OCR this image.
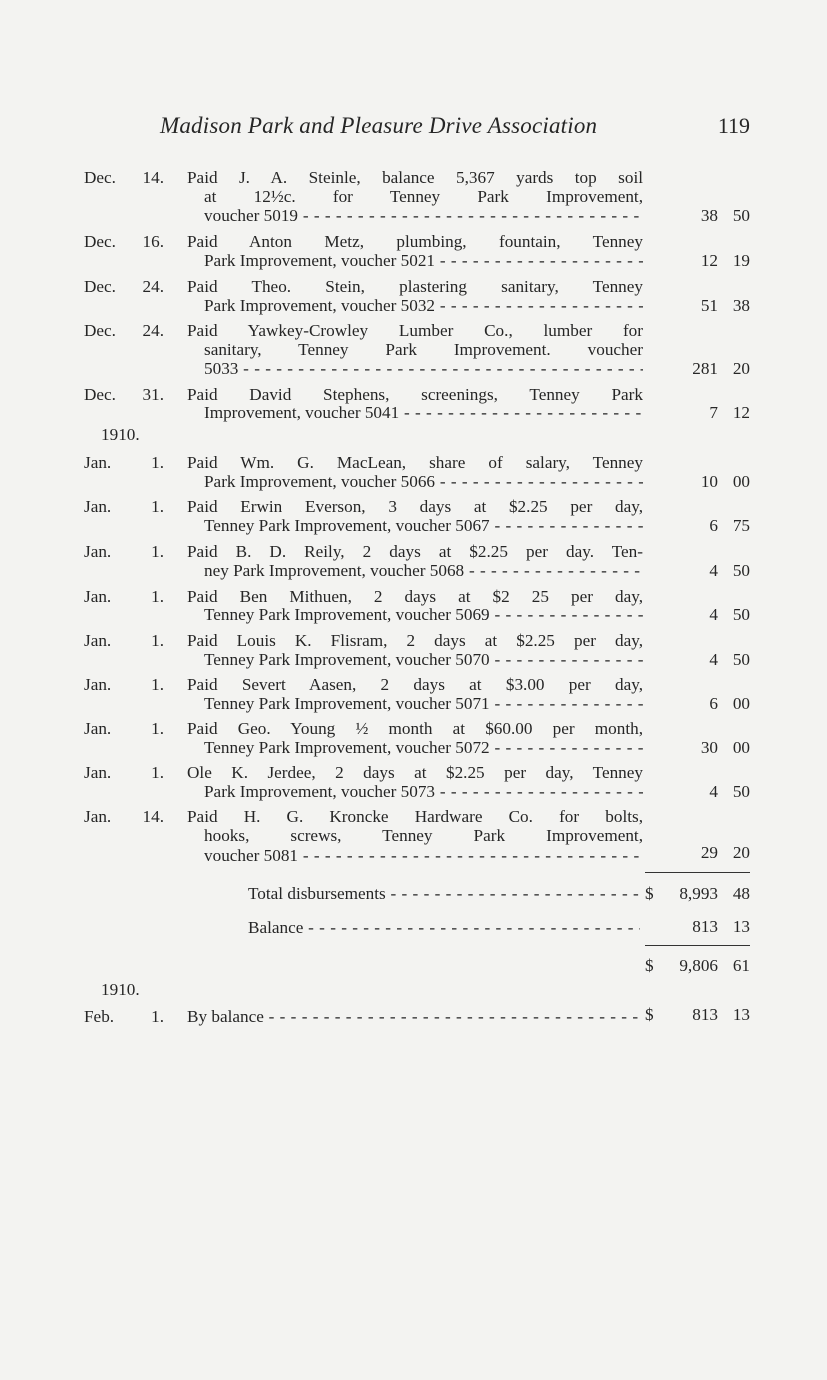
Madison Park and Pleasure Drive Association	119
Dec.	14. Paid J. A. Steinle, balance 5,367 yards top soil
at 12½c. for Tenney Park Improvement,
voucher 5019 - - -	38 50
Dec.	16. Paid Anton Metz, plumbing, fountain, Tenney
Park Improvement, voucher 5021 - - -	12 19
Dec.	24. Paid Theo. Stein, plastering sanitary, Tenney
Park Improvement, voucher 5032 - - -	51 38
Dec.	24. Paid Yawkey-Crowley Lumber Co., lumber for
sanitary, Tenney Park Improvement. voucher
5033 - - -	281 20
Dec.	31. Paid David Stephens, screenings, Tenney Park
Improvement, voucher 5041 - - -	7 12
1910.
Jan.	1. Paid Wm. G. MacLean, share of salary, Tenney
Park Improvement, voucher 5066 - - -	10 00
Jan.	1. Paid Erwin Everson, 3 days at $2.25 per day,
Tenney Park Improvement, voucher 5067 - - -	6 75
Jan.	1. Paid B. D. Reily, 2 days at $2.25 per day. Ten-
ney Park Improvement, voucher 5068 - - -	4 50
Jan.	1. Paid Ben Mithuen, 2 days at $2 25 per day,
Tenney Park Improvement, voucher 5069 - - -	4 50
Jan.	1. Paid Louis K. Flisram, 2 days at $2.25 per day,
Tenney Park Improvement, voucher 5070 - - -	4 50
Jan.	1. Paid Severt Aasen, 2 days at $3.00 per day,
Tenney Park Improvement, voucher 5071 - - -	6 00
Jan.	1. Paid Geo. Young ½ month at $60.00 per month,
Tenney Park Improvement, voucher 5072 - - -	30 00
Jan.	1. Ole K. Jerdee, 2 days at $2.25 per day, Tenney
Park Improvement, voucher 5073 - - -	4 50
Jan.	14. Paid H. G. Kroncke Hardware Co. for bolts,
hooks, screws, Tenney Park Improvement,
voucher 5081 - - -	29 20
Total disbursements - - -	$	8,993 48
Balance - - -	813 13
$	9,806 61
1910.
Feb.	1. By balance - - -	$	813 13
